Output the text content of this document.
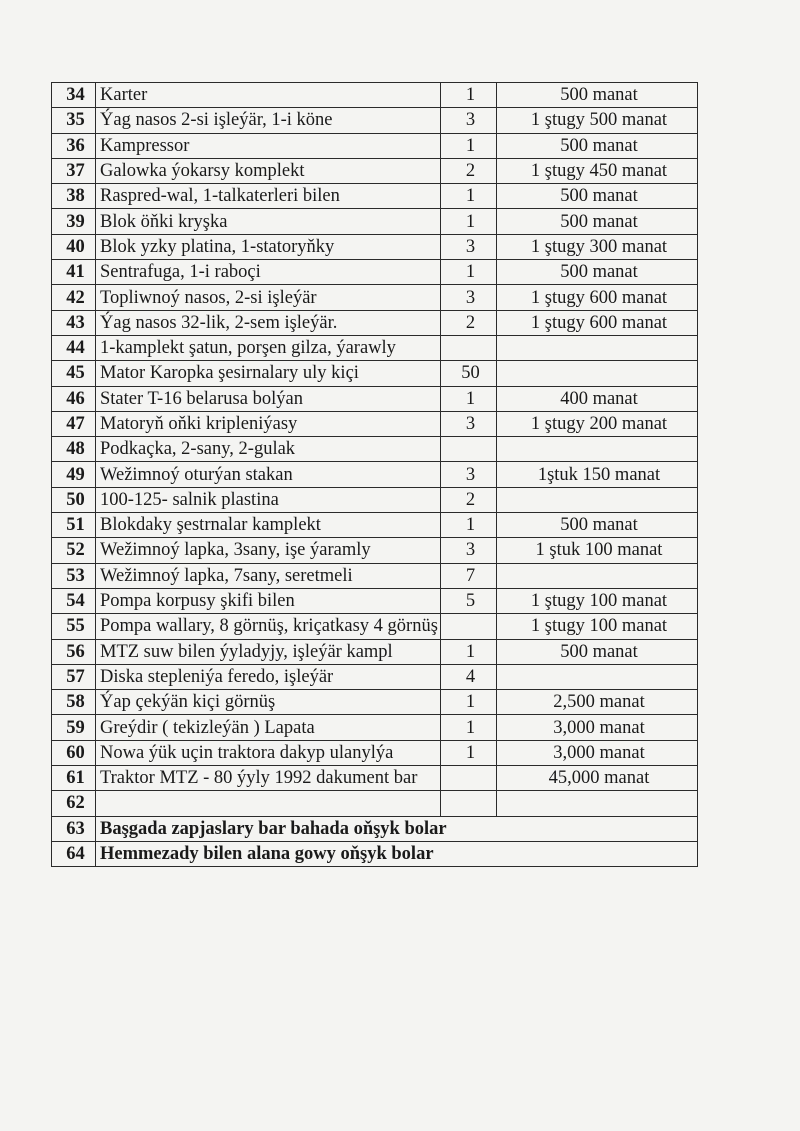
34	Karter	1	500 manat
35	Ýag nasos 2-si işleýär, 1-i köne	3	1 ştugy 500 manat
36	Kampressor	1	500 manat
37	Galowka ýokarsy komplekt	2	1 ştugy 450 manat
38	Raspred-wal, 1-talkaterleri bilen	1	500 manat
39	Blok öňki kryşka	1	500 manat
40	Blok yzky platina, 1-statoryňky	3	1 ştugy 300 manat
41	Sentrafuga, 1-i raboçi	1	500 manat
42	Topliwnoý nasos, 2-si işleýär	3	1 ştugy 600 manat
43	Ýag nasos 32-lik, 2-sem işleýär.	2	1 ştugy 600 manat
44	1-kamplekt şatun, porşen gilza, ýarawly		
45	Mator Karopka şesirnalary uly kiçi	50	
46	Stater T-16 belarusa bolýan	1	400 manat
47	Matoryň oňki kripleniýasy	3	1 ştugy 200 manat
48	Podkaçka, 2-sany, 2-gulak		
49	Wežimnoý oturýan stakan	3	1ştuk 150 manat
50	100-125- salnik plastina	2	
51	Blokdaky şestrnalar kamplekt	1	500 manat
52	Wežimnoý lapka, 3sany, işe ýaramly	3	1 ştuk 100 manat
53	Wežimnoý lapka, 7sany, seretmeli	7	
54	Pompa korpusy şkifi bilen	5	1 ştugy 100 manat
55	Pompa wallary, 8 görnüş, kriçatkasy 4 görnüş		1 ştugy 100 manat
56	MTZ suw bilen ýyladyjy, işleýär kampl	1	500 manat
57	Diska stepleniýa feredo, işleýär	4	
58	Ýap çekýän kiçi görnüş	1	2,500 manat
59	Greýdir ( tekizleýän ) Lapata	1	3,000 manat
60	Nowa ýük uçin traktora dakyp ulanylýa	1	3,000 manat
61	Traktor MTZ - 80 ýyly 1992 dakument bar		45,000 manat
62			
63	Başgada zapjaslary bar bahada oňşyk bolar		
64	Hemmezady bilen alana gowy oňşyk bolar		
